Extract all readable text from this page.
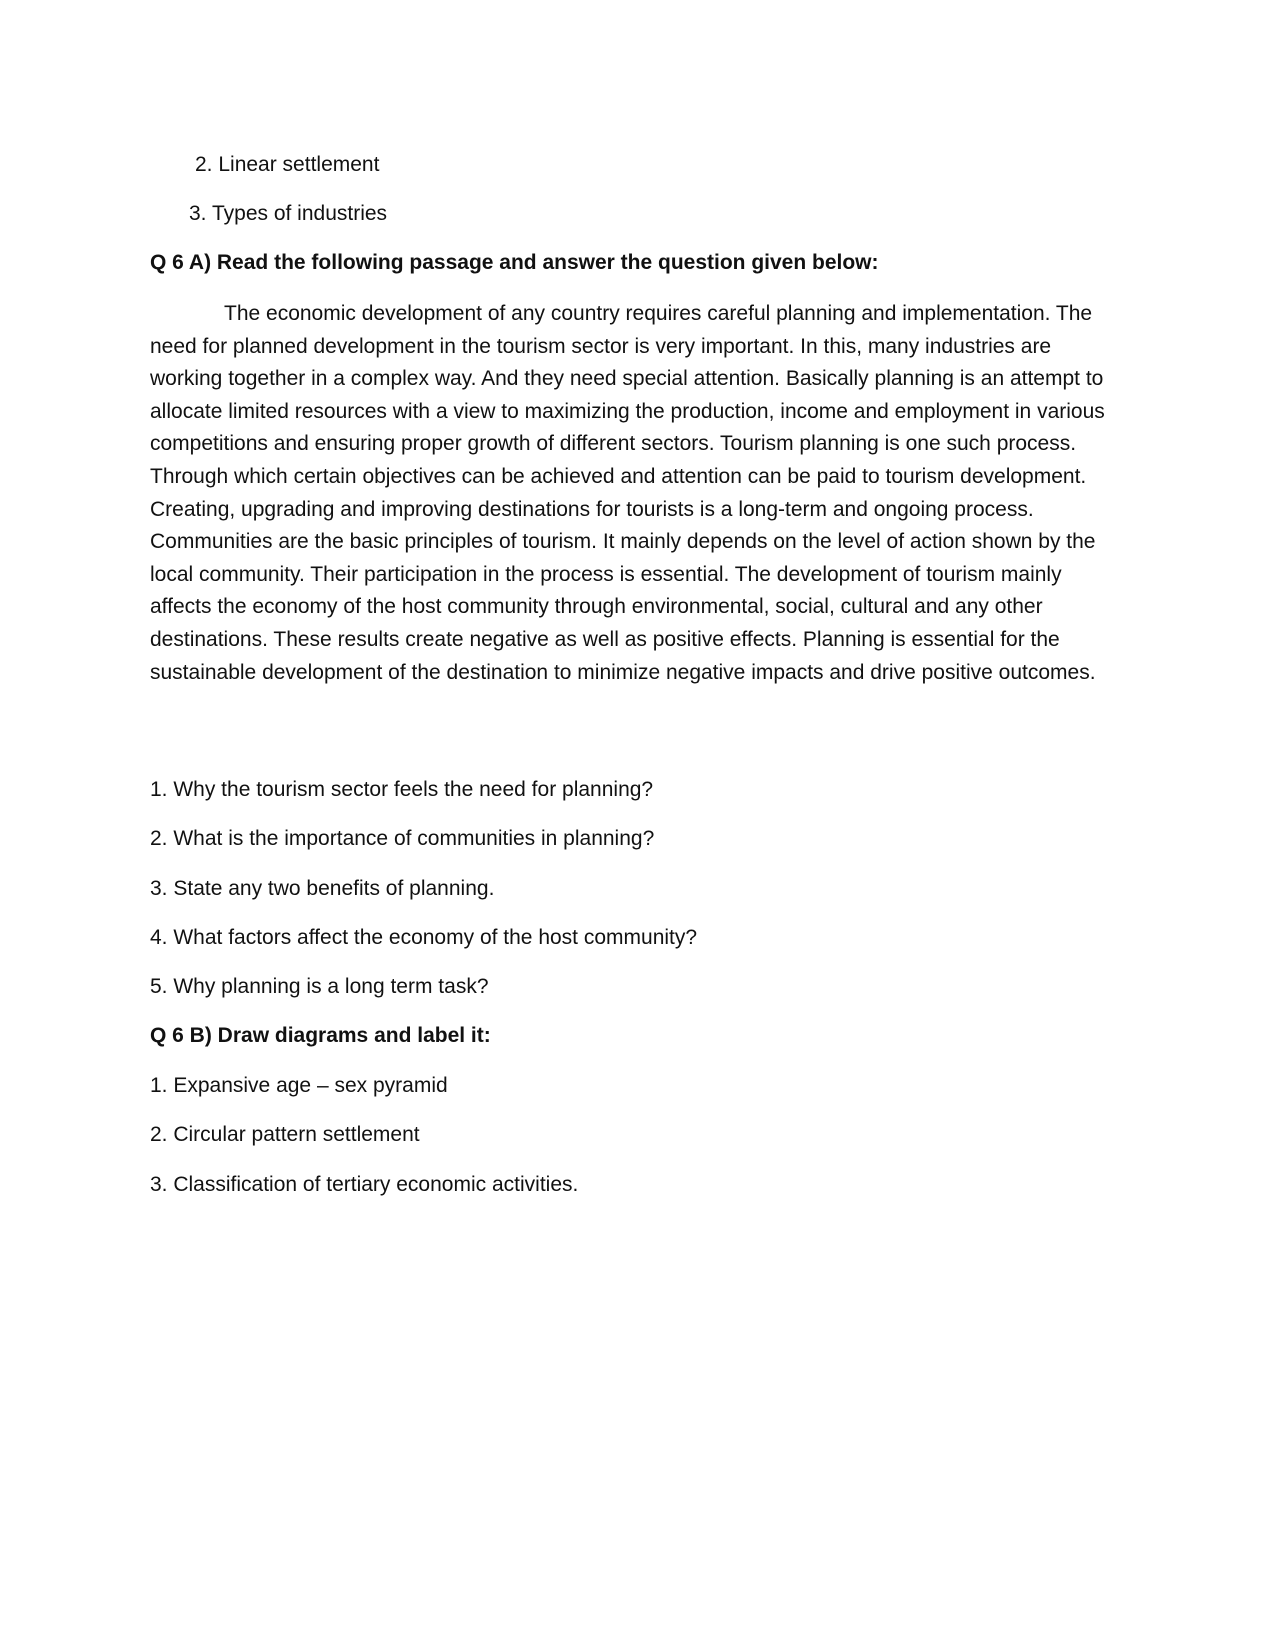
2. Linear settlement
3. Types of industries
Q 6 A) Read the following passage and answer the question given below:

The economic development of any country requires careful planning and implementation. The need for planned development in the tourism sector is very important. In this, many industries are working together in a complex way. And they need special attention. Basically planning is an attempt to allocate limited resources with a view to maximizing the production, income and employment in various competitions and ensuring proper growth of different sectors. Tourism planning is one such process. Through which certain objectives can be achieved and attention can be paid to tourism development. Creating, upgrading and improving destinations for tourists is a long-term and ongoing process. Communities are the basic principles of tourism. It mainly depends on the level of action shown by the local community. Their participation in the process is essential. The development of tourism mainly affects the economy of the host community through environmental, social, cultural and any other destinations. These results create negative as well as positive effects. Planning is essential for the sustainable development of the destination to minimize negative impacts and drive positive outcomes.

1. Why the tourism sector feels the need for planning?
2. What is the importance of communities in planning?
3. State any two benefits of planning.
4. What factors affect the economy of the host community?
5. Why planning is a long term task?
Q 6 B) Draw diagrams and label it:
1. Expansive age – sex pyramid
2. Circular pattern settlement
3. Classification of tertiary economic activities.
